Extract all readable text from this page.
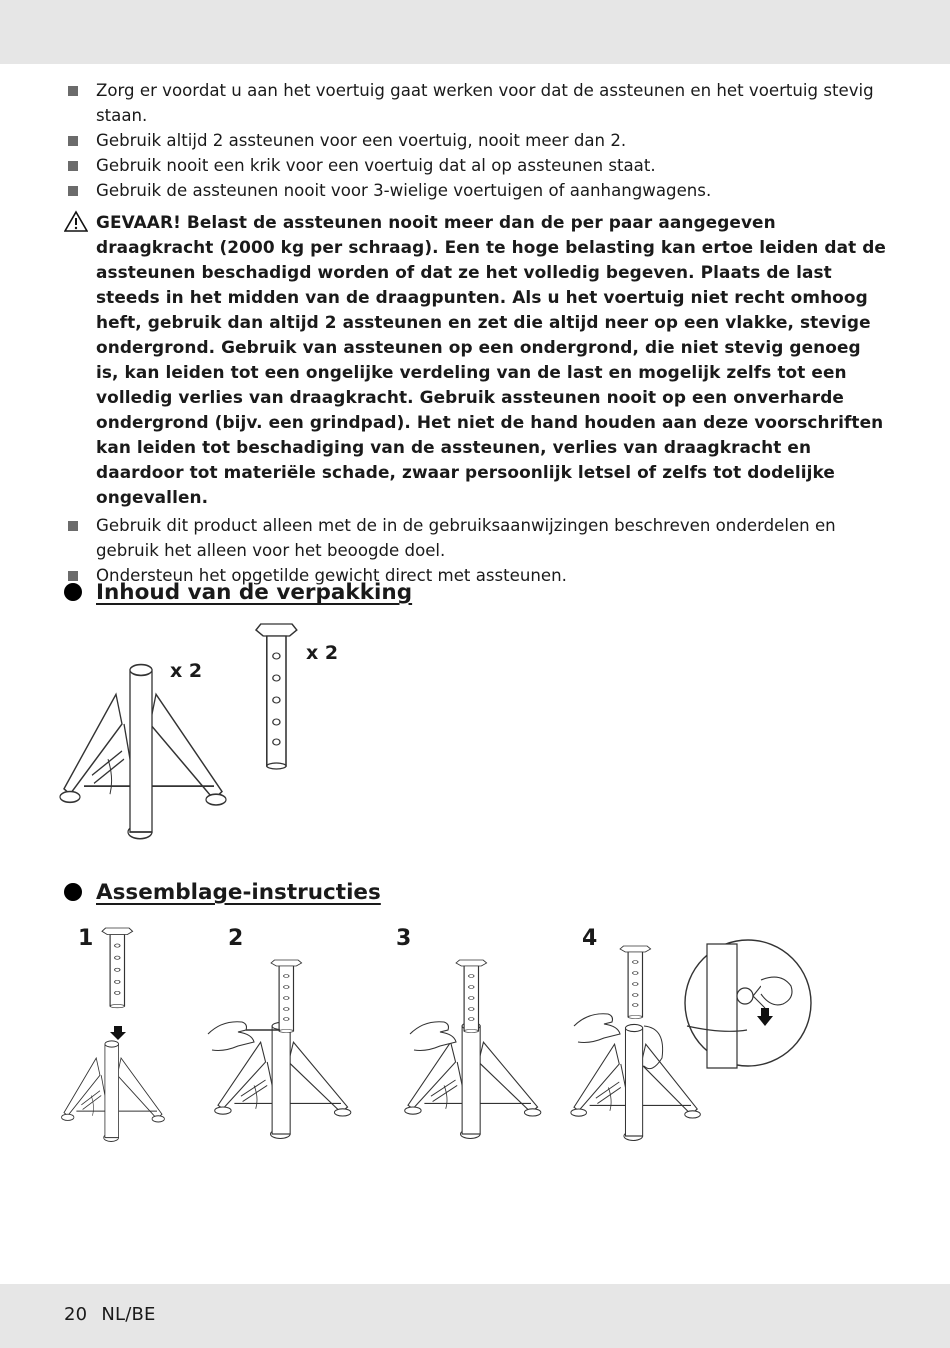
Zorg er voordat u aan het voertuig gaat werken voor dat de assteunen en het voertuig stevig staan.
Gebruik altijd 2 assteunen voor een voertuig, nooit meer dan 2.
Gebruik nooit een krik voor een voertuig dat al op assteunen staat.
Gebruik de assteunen nooit voor 3-wielige voertuigen of aanhangwagens.
GEVAAR! Belast de assteunen nooit meer dan de per paar aangegeven draagkracht (2000 kg per schraag). Een te hoge belasting kan ertoe leiden dat de assteunen beschadigd worden of dat ze het volledig begeven. Plaats de last steeds in het midden van de draagpunten. Als u het voertuig niet recht omhoog heft, gebruik dan altijd 2 assteunen en zet die altijd neer op een vlakke, stevige ondergrond. Gebruik van assteunen op een ondergrond, die niet stevig genoeg is, kan leiden tot een ongelijke verdeling van de last en mogelijk zelfs tot een volledig verlies van draagkracht. Gebruik assteunen nooit op een onverharde ondergrond (bijv. een grindpad). Het niet de hand houden aan deze voorschriften kan leiden tot beschadiging van de assteunen, verlies van draagkracht en daardoor tot materiële schade, zwaar persoonlijk letsel of zelfs tot dodelijke ongevallen.
Gebruik dit product alleen met de in de gebruiksaanwijzingen beschreven onderdelen en gebruik het alleen voor het beoogde doel.
Ondersteun het opgetilde gewicht direct met assteunen.
Inhoud van de verpakking
x 2
x 2
Assemblage-instructies
1	2	3	4
20 NL/BE
